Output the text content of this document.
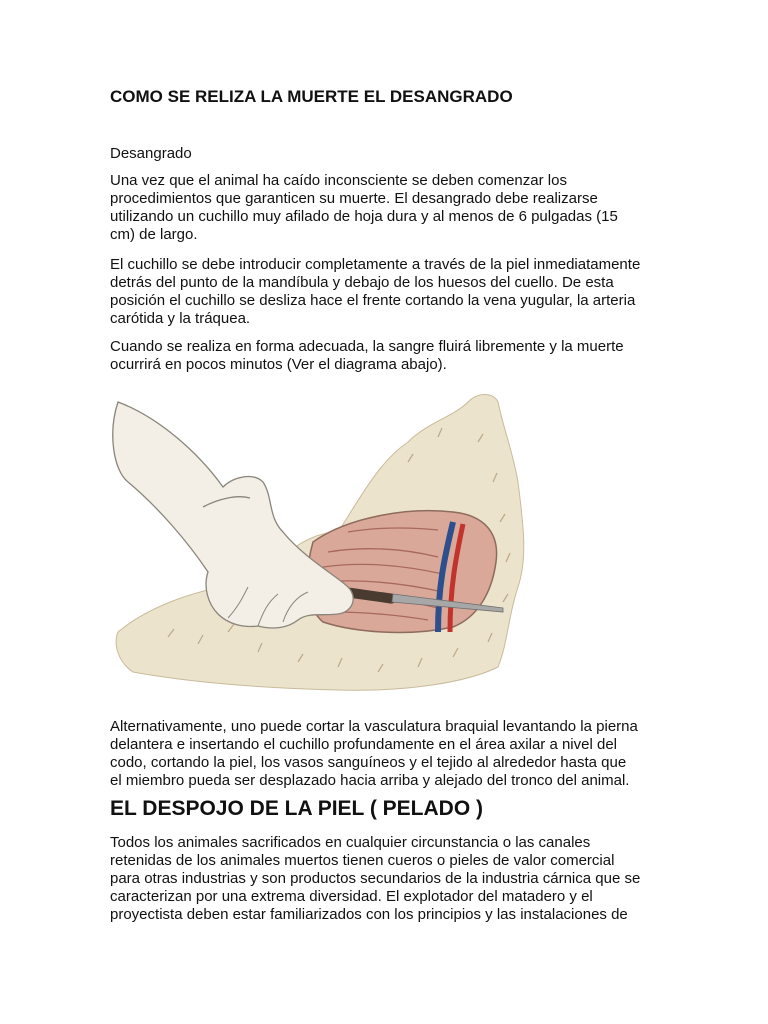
COMO SE RELIZA LA MUERTE EL DESANGRADO
Desangrado

Una vez que el animal ha caído inconsciente se deben comenzar los
procedimientos que garanticen su muerte. El desangrado debe realizarse
utilizando un cuchillo muy afilado de hoja dura y al menos de 6 pulgadas (15
cm) de largo.

El cuchillo se debe introducir completamente a través de la piel inmediatamente
detrás del punto de la mandíbula y debajo de los huesos del cuello. De esta
posición el cuchillo se desliza hace el frente cortando la vena yugular, la arteria
carótida y la tráquea.

Cuando se realiza en forma adecuada, la sangre fluirá libremente y la muerte
ocurrirá en pocos minutos (Ver el diagrama abajo).

Alternativamente, uno puede cortar la vasculatura braquial levantando la pierna
delantera e insertando el cuchillo profundamente en el área axilar a nivel del
codo, cortando la piel, los vasos sanguíneos y el tejido al alrededor hasta que
el miembro pueda ser desplazado hacia arriba y alejado del tronco del animal.

EL DESPOJO DE LA PIEL ( PELADO )

Todos los animales sacrificados en cualquier circunstancia o las canales
retenidas de los animales muertos tienen cueros o pieles de valor comercial
para otras industrias y son productos secundarios de la industria cárnica que se
caracterizan por una extrema diversidad. El explotador del matadero y el
proyectista deben estar familiarizados con los principios y las instalaciones de
